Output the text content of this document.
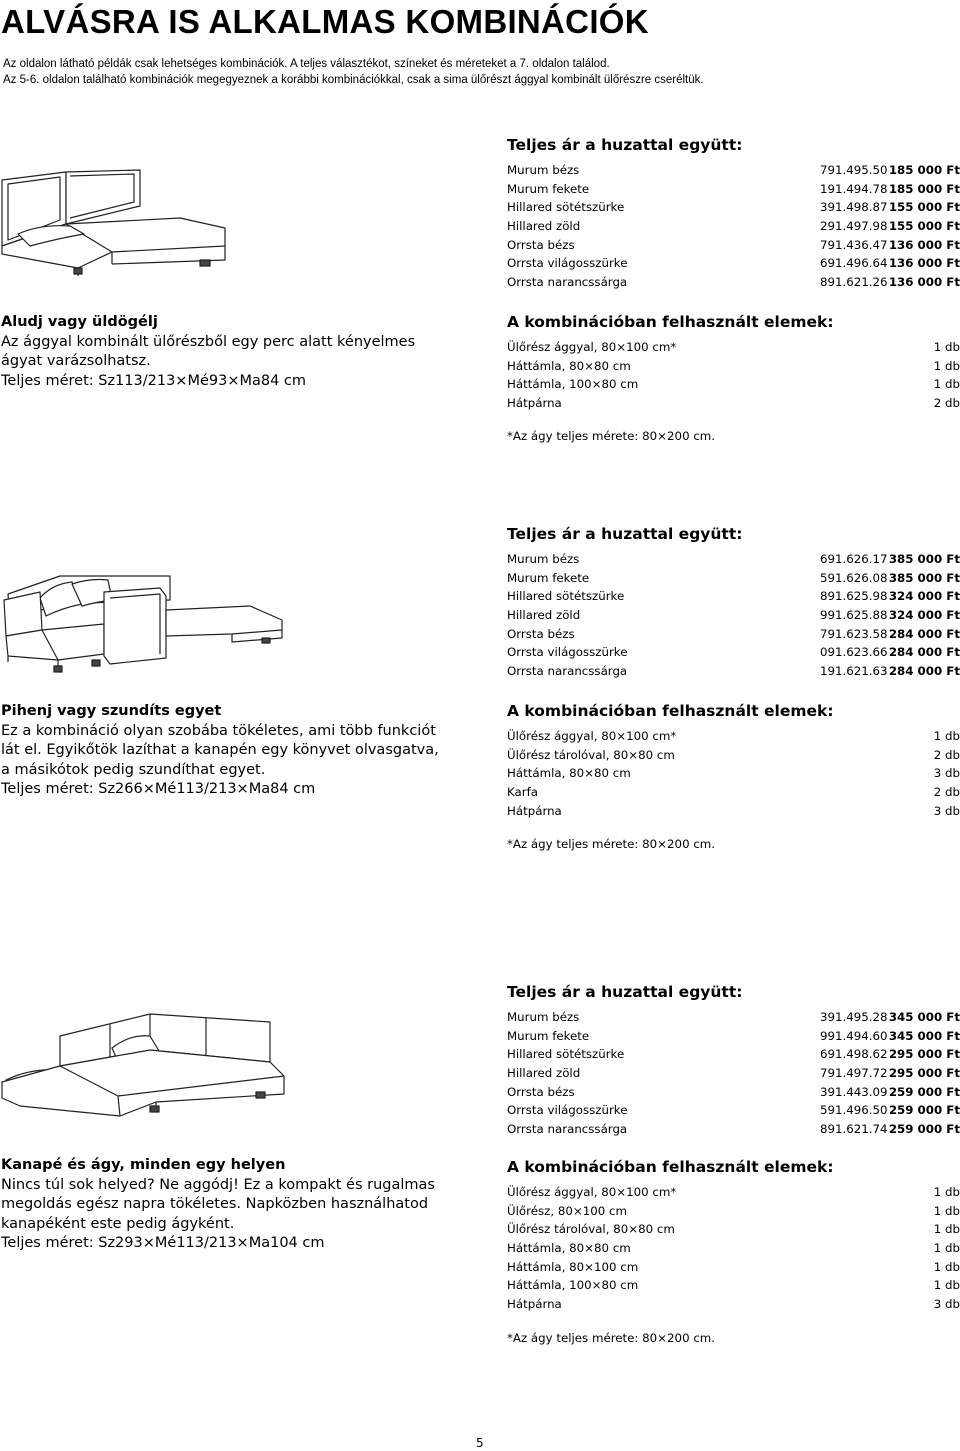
ALVÁSRA IS ALKALMAS KOMBINÁCIÓK
Az oldalon látható példák csak lehetséges kombinációk. A teljes választékot, színeket és méreteket a 7. oldalon találod.
Az 5-6. oldalon található kombinációk megegyeznek a korábbi kombinációkkal, csak a sima ülőrészt ággyal kombinált ülőrészre cseréltük.
Teljes ár a huzattal együtt:
Murum bézs	791.495.50 185 000 Ft
Murum fekete	191.494.78 185 000 Ft
Hillared sötétszürke	391.498.87 155 000 Ft
Hillared zöld	291.497.98 155 000 Ft
Orrsta bézs	791.436.47 136 000 Ft
Orrsta világosszürke	691.496.64 136 000 Ft
Orrsta narancssárga	891.621.26 136 000 Ft
Aludj vagy üldögélj
Az ággyal kombinált ülőrészből egy perc alatt kényelmes
ágyat varázsolhatsz.
Teljes méret: Sz113/213×Mé93×Ma84 cm
A kombinációban felhasznált elemek:
Ülőrész ággyal, 80×100 cm*	1 db
Háttámla, 80×80 cm	1 db
Háttámla, 100×80 cm	1 db
Hátpárna	2 db
*Az ágy teljes mérete: 80×200 cm.
Teljes ár a huzattal együtt:
Murum bézs	691.626.17 385 000 Ft
Murum fekete	591.626.08 385 000 Ft
Hillared sötétszürke	891.625.98 324 000 Ft
Hillared zöld	991.625.88 324 000 Ft
Orrsta bézs	791.623.58 284 000 Ft
Orrsta világosszürke	091.623.66 284 000 Ft
Orrsta narancssárga	191.621.63 284 000 Ft
Pihenj vagy szundíts egyet
Ez a kombináció olyan szobába tökéletes, ami több funkciót
lát el. Egyikőtök lazíthat a kanapén egy könyvet olvasgatva,
a másikótok pedig szundíthat egyet.
Teljes méret: Sz266×Mé113/213×Ma84 cm
A kombinációban felhasznált elemek:
Ülőrész ággyal, 80×100 cm*	1 db
Ülőrész tárolóval, 80×80 cm	2 db
Háttámla, 80×80 cm	3 db
Karfa	2 db
Hátpárna	3 db
*Az ágy teljes mérete: 80×200 cm.
Teljes ár a huzattal együtt:
Murum bézs	391.495.28 345 000 Ft
Murum fekete	991.494.60 345 000 Ft
Hillared sötétszürke	691.498.62 295 000 Ft
Hillared zöld	791.497.72 295 000 Ft
Orrsta bézs	391.443.09 259 000 Ft
Orrsta világosszürke	591.496.50 259 000 Ft
Orrsta narancssárga	891.621.74 259 000 Ft
Kanapé és ágy, minden egy helyen
Nincs túl sok helyed? Ne aggódj! Ez a kompakt és rugalmas
megoldás egész napra tökéletes. Napközben használhatod
kanapéként este pedig ágyként.
Teljes méret: Sz293×Mé113/213×Ma104 cm
A kombinációban felhasznált elemek:
Ülőrész ággyal, 80×100 cm*	1 db
Ülőrész, 80×100 cm	1 db
Ülőrész tárolóval, 80×80 cm	1 db
Háttámla, 80×80 cm	1 db
Háttámla, 80×100 cm	1 db
Háttámla, 100×80 cm	1 db
Hátpárna	3 db
*Az ágy teljes mérete: 80×200 cm.
5
